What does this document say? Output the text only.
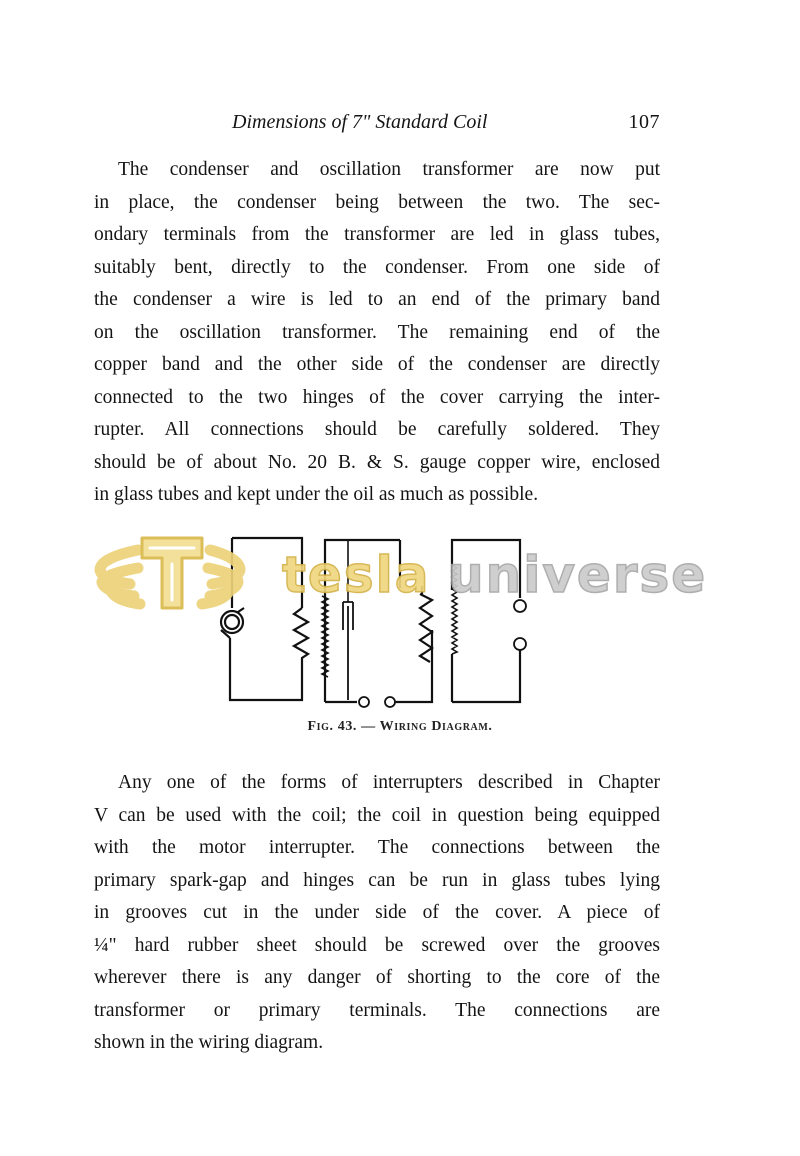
Dimensions of 7" Standard Coil	107
The condenser and oscillation transformer are now put
in place, the condenser being between the two. The sec-
ondary terminals from the transformer are led in glass tubes,
suitably bent, directly to the condenser. From one side of
the condenser a wire is led to an end of the primary band
on the oscillation transformer. The remaining end of the
copper band and the other side of the condenser are directly
connected to the two hinges of the cover carrying the inter-
rupter. All connections should be carefully soldered. They
should be of about No. 20 B. & S. gauge copper wire, enclosed
in glass tubes and kept under the oil as much as possible.
tesla universe
Fig. 43. — Wiring Diagram.
Any one of the forms of interrupters described in Chapter
V can be used with the coil; the coil in question being equipped
with the motor interrupter. The connections between the
primary spark-gap and hinges can be run in glass tubes lying
in grooves cut in the under side of the cover. A piece of
¼" hard rubber sheet should be screwed over the grooves
wherever there is any danger of shorting to the core of the
transformer or primary terminals. The connections are
shown in the wiring diagram.
